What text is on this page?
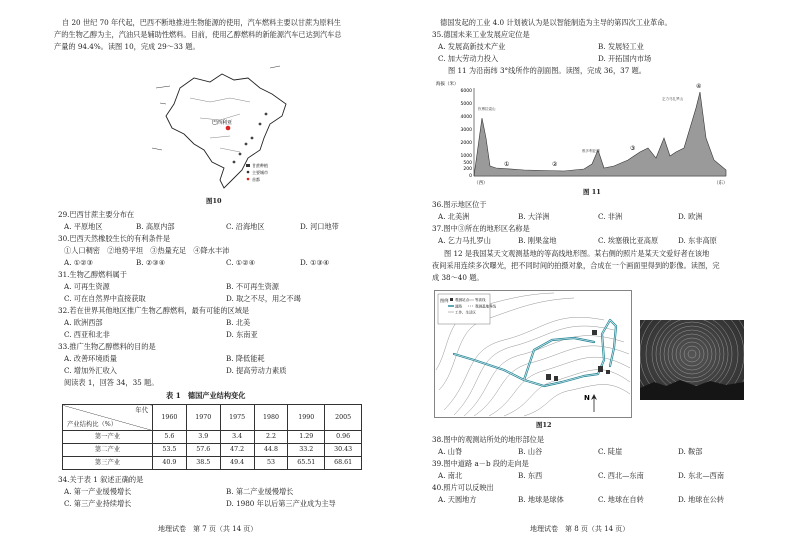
自 20 世纪 70 年代起，巴西不断地推进生物能源的使用，汽车燃料主要以甘蔗为原料生
产的生物乙醇为主，汽油只是辅助性燃料。目前，使用乙醇燃料的新能源汽车已达到汽车总
产量的 94.4%。读图 10，完成 29～33 题。
巴西利亚
甘蔗种植
主要城市
首都
图10
29.巴西甘蔗主要分布在
A. 平原地区	B. 高原内部	C. 沿海地区	D. 河口地带
30.巴西天然橡胶生长的有利条件是
①人口稠密　②地势平坦　③热量充足　④降水丰沛
A. ①②③	B. ②③④	C. ①②④	D. ①③④
31.生物乙醇燃料属于
A. 可再生资源	B. 不可再生资源
C. 可在自然界中直接获取	D. 取之不尽，用之不竭
32.若在世界其他地区推广生物乙醇燃料，最有可能的区域是
A. 欧洲西部	B. 北美
C. 西亚和北非	D. 东南亚
33.推广生物乙醇燃料的目的是
A. 改善环境质量	B. 降低能耗
C. 增加外汇收入	D. 提高劳动力素质
阅读表 1，回答 34，35 题。
表 1　德国产业结构变化
年代
产业结构比（%）	1960	1970	1975	1980	1990	2005
第一产业	5.6	3.9	3.4	2.2	1.29	0.96
第二产业	53.5	57.6	47.2	44.8	33.2	30.43
第三产业	40.9	38.5	49.4	53	65.51	68.61
34.关于表 1 叙述正确的是
A. 第一产业缓慢增长	B. 第二产业缓慢增长
C. 第三产业持续增长	D. 1980 年以后第三产业成为主导
地理试卷　第 7 页（共 14 页）
德国发起的工业 4.0 计划被认为是以智能制造为主导的第四次工业革命。
35.德国未来工业发展应定位是
A. 发展高新技术产业	B. 发展轻工业
C. 加大劳动力投入	D. 开拓国内市场
图 11 为沿南纬 3°线所作的剖面图。读图，完成 36，37 题。
海拔（米）
6000
5000
4000
3000
2000
1000
500
200
0
①	②
③
④
钦博拉索山
维多利亚湖
乞力马扎罗山
（西）	（东）
图 11
36.图示地区位于
A. 北美洲	B. 大洋洲	C. 非洲	D. 欧洲
37.图中③所在的地形区名称是
A. 乞力马扎罗山	B. 刚果盆地	C. 埃塞俄比亚高原	D. 东非高原
图 12 是我国某天文观测基地的等高线地形图。某右侧的照片是某天文爱好者在该地
夜间采用连续多次曝光，把不同时间的拍摄对象，合成在一个画面里得到的影像。读图，完
成 38～40 题。
图例 观测站点
道路
工作、生活区
等高线
观测基地界线
N
图12
38.图中的观测站所处的地形部位是
A. 山脊	B. 山谷	C. 陡崖	D. 鞍部
39.图中道路 a－b 段的走向是
A. 南北	B. 东西	C. 西北—东南	D. 东北—西南
40.照片可以反映出
A. 天圆地方	B. 地球是球体	C. 地球在自转	D. 地球在公转
地理试卷　第 8 页（共 14 页）
